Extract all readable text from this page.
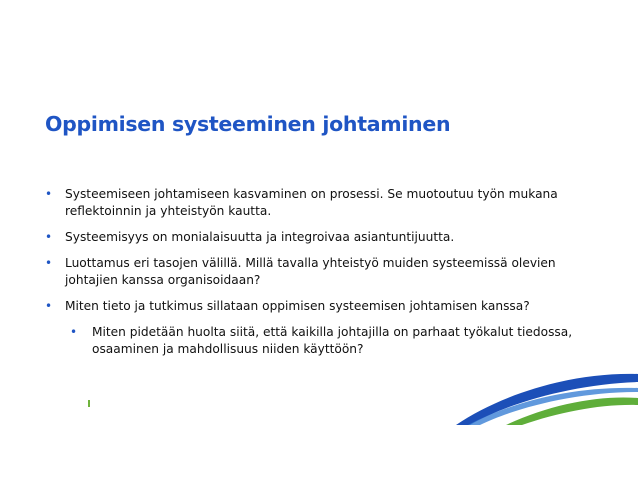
Oppimisen systeeminen johtaminen
• Systeemiseen johtamiseen kasvaminen on prosessi. Se muotoutuu työn mukana reflektoinnin ja yhteistyön kautta.
• Systeemisyys on monialaisuutta ja integroivaa asiantuntijuutta.
• Luottamus eri tasojen välillä. Millä tavalla yhteistyö muiden systeemissä olevien johtajien kanssa organisoidaan?
• Miten tieto ja tutkimus sillataan oppimisen systeemisen johtamisen kanssa?
• Miten pidetään huolta siitä, että kaikilla johtajilla on parhaat työkalut tiedossa, osaaminen ja mahdollisuus niiden käyttöön?
